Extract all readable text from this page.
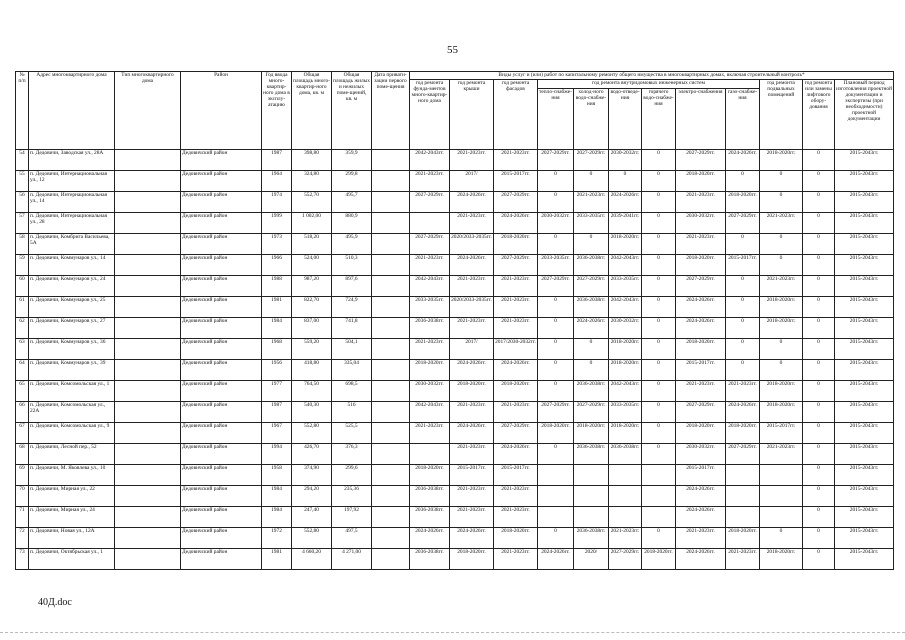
55
№ п/п	Адрес многоквартирного дома	Тип многоквартирного дома	Район	Год ввода много-квартир-ного дома в эксплу-атацию	Общая площадь много-квартир-ного дома, кв. м	Общая площадь жилых и нежилых поме-щений, кв. м	Дата привати-зации первого поме-щения	Виды услуг и (или) работ по капитальному ремонту общего имущества в многоквартирных домах, включая строительный контроль*											
								год ремонта фунда-ментов много-квартир-ного дома	год ремонта крыши	год ремонта фасадов	год ремонта внутридомовых инженерных систем						год ремонта подвальных помещений	год ремонта или замены лифтового обору-дования	Плановый период изготовления проектной документации и экспертизы (при необходимости) проектной документации
											тепло-снабже-ния	холод-ного водо-снабже-ния	водо-отведе-ния	горячего водо-снабже-ния	электро-снабжения	газо-снабже-ния			
54	п. Дедовичи, Заводская ул., 28А		Дедовичский район	1987	398,80	359,9		2042-2043гг.	2021-2023гг.	2021-2023гг.	2027-2029гг.	2027-2029гг.	2030-2032гг.	0	2027-2029гг.	2024-2026гг.	2018-2020гг.	0	2015-2043гг.
55	п. Дедовичи, Интернациональная ул., 12		Дедовичский район	1964	324,80	299,8		2021-2023гг.	2017/	2015-2017гг.	0	0	0	0	2018-2020гг.	0	0	0	2015-2043гг.
56	п. Дедовичи, Интернациональная ул., 14		Дедовичский район	1974	552,70	495,7		2027-2029гг.	2024-2026гг.	2027-2029гг.	0	2021-2023гг.	2024-2026гг.	0	2021-2023гг.	2018-2020гг.	0	0	2015-2043гг.
57	п. Дедовичи, Интернациональная ул., 28		Дедовичский район	1999	1 002,00	880,9			2021-2023гг.	2024-2026гг.	2030-2032гг.	2033-2035гг.	2039-2041гг.	0	2030-2032гг.	2027-2029гг.	2021-2023гг.	0	2015-2043гг.
58	п. Дедовичи, Комбрига Васильева, 5А		Дедовичский район	1973	518,20	495,9		2027-2029гг.	2020/2033-2035гг.	2018-2020гг.	0	0	2018-2020гг.	0	2021-2023гг.	0	0	0	2015-2043гг.
59	п. Дедовичи, Коммунаров ул., 14		Дедовичский район	1966	524,00	510,3		2021-2023гг.	2024-2026гг.	2027-2029гг.	2033-2035гг.	2036-2038гг.	2042-2043гг.	0	2018-2020гг.	2015-2017гг.	0	0	2015-2043гг.
60	п. Дедовичи, Коммунаров ул., 24		Дедовичский район	1988	987,20	897,6		2042-2043гг.	2021-2023гг.	2021-2023гг.	2027-2029гг.	2027-2029гг.	2033-2035гг.	0	2027-2029гг.	0	2021-2023гг.	0	2015-2043гг.
61	п. Дедовичи, Коммунаров ул., 25		Дедовичский район	1981	822,70	724,9		2033-2035гг.	2020/2033-2035гг.	2021-2023гг.	0	2036-2038гг.	2042-2043гг.	0	2024-2026гг.	0	2018-2020гг.	0	2015-2043гг.
62	п. Дедовичи, Коммунаров ул., 27		Дедовичский район	1984	837,00	741,8		2036-2038гг.	2021-2023гг.	2021-2023гг.	0	2024-2026гг.	2030-2032гг.	0	2024-2026гг.	0	2018-2020гг.	0	2015-2043гг.
63	п. Дедовичи, Коммунаров ул., 36		Дедовичский район	1968	559,20	504,1		2021-2023гг.	2017/	2017/2030-2032гг.	0	0	2018-2020гг.	0	2018-2020гг.	0	0	0	2015-2043гг.
64	п. Дедовичи, Коммунаров ул., 39		Дедовичский район	1956	418,80	335,04		2018-2020гг.	2024-2026гг.	2024-2026гг.	0	0	2018-2020гг.	0	2015-2017гг.	0	0	0	2015-2043гг.
65	п. Дедовичи, Комсомольская ул., 1		Дедовичский район	1977	764,50	698,5		2030-2032гг.	2018-2020гг.	2018-2020гг.	0	2036-2038гг.	2042-2043гг.	0	2021-2023гг.	2021-2023гг.	2018-2020гг.	0	2015-2043гг.
66	п. Дедовичи, Комсомольская ул., 22А		Дедовичский район	1987	540,30	516		2042-2043гг.	2021-2023гг.	2021-2023гг.	2027-2029гг.	2027-2029гг.	2033-2035гг.	0	2027-2029гг.	2024-2026гг.	2018-2020гг.	0	2015-2043гг.
67	п. Дедовичи, Комсомольская ул., 9		Дедовичский район	1967	552,80	525,5		2021-2023гг.	2024-2026гг.	2027-2029гг.	2018-2020гг.	2018-2020гг.	2018-2020гг.	0	2018-2020гг.	2018-2020гг.	2015-2017гг.	0	2015-2043гг.
68	п. Дедовичи, Лесной пер., 52		Дедовичский район	1994	426,70	376,3			2021-2023гг.	2024-2026гг.	0	2036-2038гг.	2036-2038гг.	0	2030-2032гг.	2027-2029гг.	2021-2023гг.	0	2015-2043гг.
69	п. Дедовичи, М. Яковлева ул., 10		Дедовичский район	1958	374,90	299,6		2018-2020гг.	2015-2017гг.	2015-2017гг.					2015-2017гг.			0	2015-2043гг.
70	п. Дедовичи, Мирная ул., 22		Дедовичский район	1984	294,20	235,36		2036-2038гг.	2021-2023гг.	2021-2023гг.					2024-2026гг.			0	2015-2043гг.
71	п. Дедовичи, Мирная ул., 24		Дедовичский район	1984	247,40	197,92		2036-2038гг.	2021-2023гг.	2021-2023гг.					2024-2026гг.			0	2015-2043гг.
72	п. Дедовичи, Новая ул., 12А		Дедовичский район	1972	552,80	497,5		2024-2026гг.	2024-2026гг.	2018-2020гг.	0	2036-2038гг.	2021-2023гг.	0	2021-2023гг.	2018-2020гг.	0	0	2015-2043гг.
73	п. Дедовичи, Октябрьская ул., 1		Дедовичский район	1981	4 660,20	4 271,00		2036-2038гг.	2018-2020гг.	2021-2023гг.	2024-2026гг.	2020/	2027-2029гг.	2018-2020гг.	2024-2026гг.	2021-2023гг.	2018-2020гг.	0	2015-2043гг.
40Д.doc
